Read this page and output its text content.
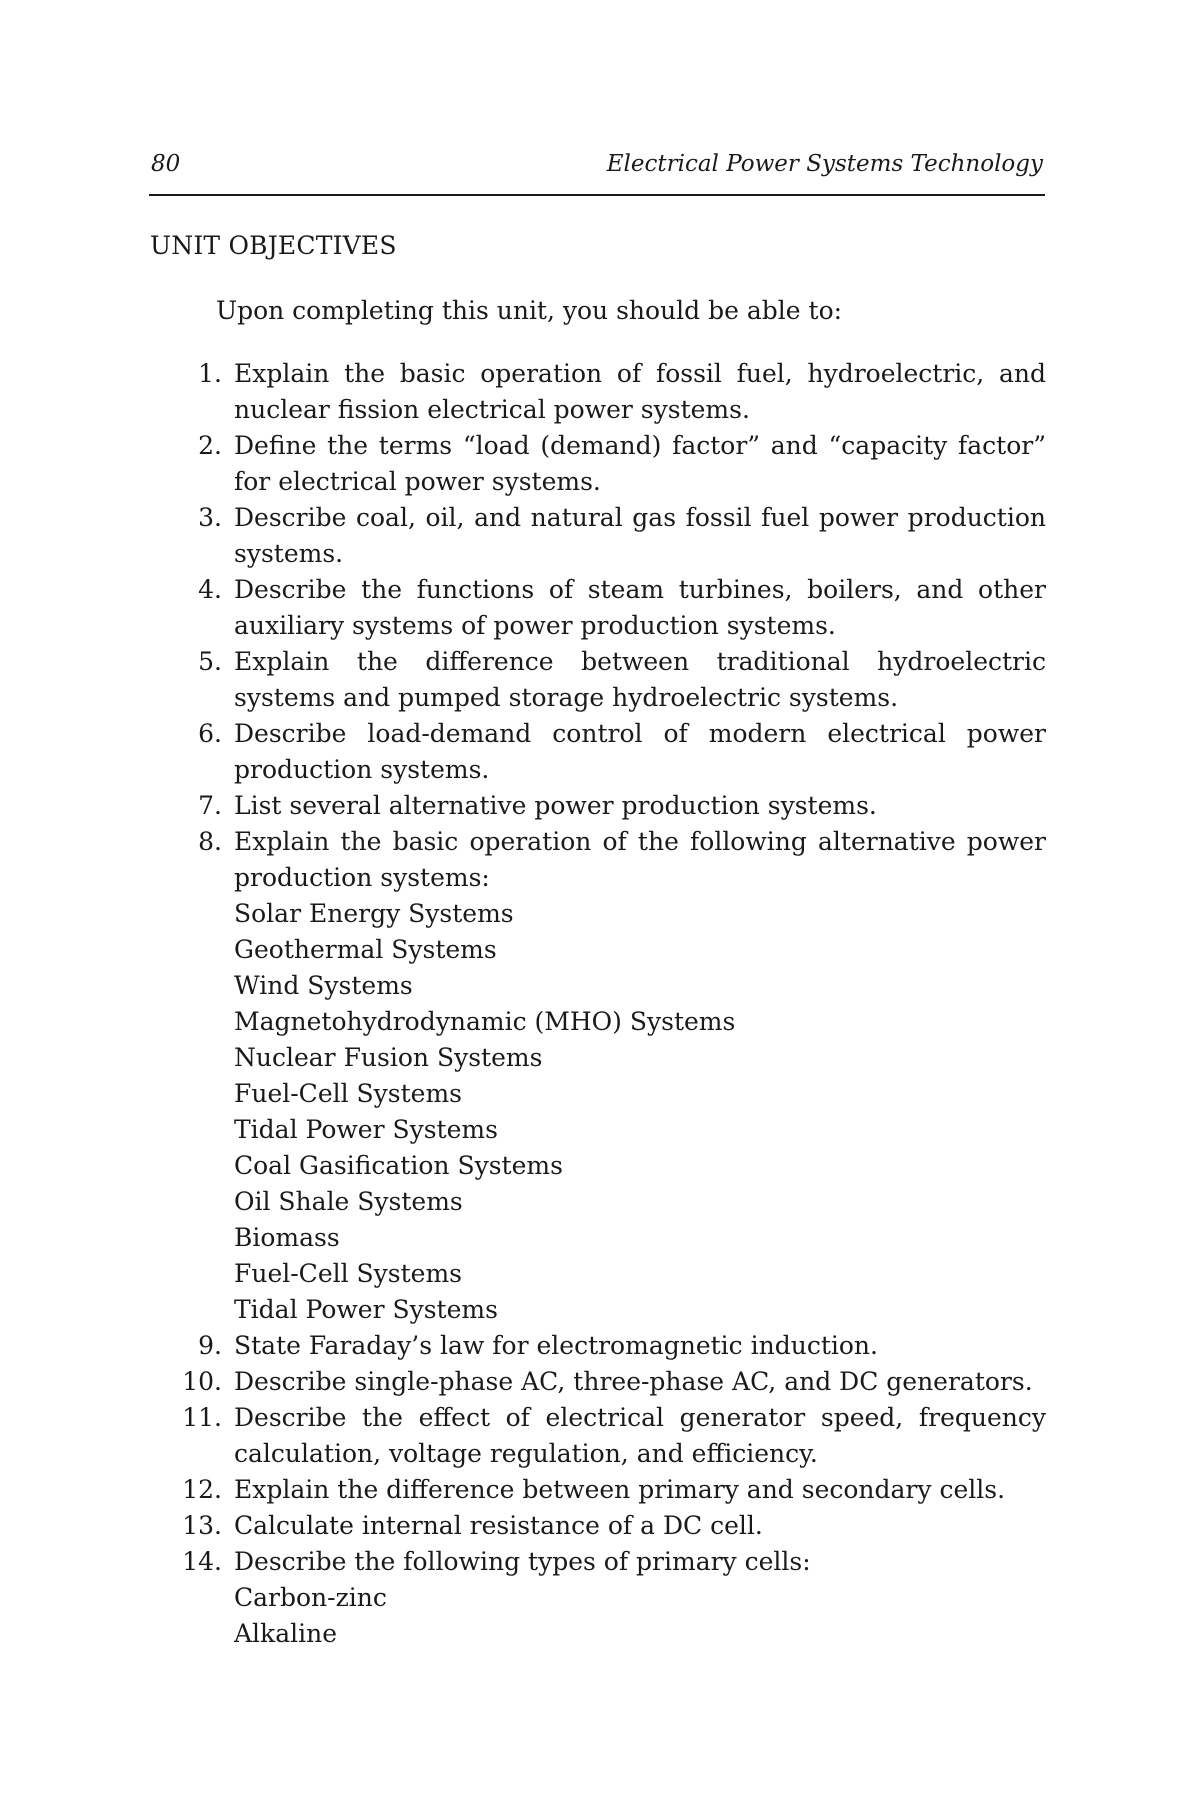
80	Electrical Power Systems Technology
UNIT OBJECTIVES
Upon completing this unit, you should be able to:
1. Explain the basic operation of fossil fuel, hydroelectric, and nuclear fission electrical power systems.
2. Define the terms “load (demand) factor” and “capacity factor” for electrical power systems.
3. Describe coal, oil, and natural gas fossil fuel power production systems.
4. Describe the functions of steam turbines, boilers, and other auxiliary systems of power production systems.
5. Explain the difference between traditional hydroelectric systems and pumped storage hydroelectric systems.
6. Describe load-demand control of modern electrical power production systems.
7. List several alternative power production systems.
8. Explain the basic operation of the following alternative power production systems:
Solar Energy Systems
Geothermal Systems
Wind Systems
Magnetohydrodynamic (MHO) Systems
Nuclear Fusion Systems
Fuel-Cell Systems
Tidal Power Systems
Coal Gasification Systems
Oil Shale Systems
Biomass
Fuel-Cell Systems
Tidal Power Systems
9. State Faraday’s law for electromagnetic induction.
10. Describe single-phase AC, three-phase AC, and DC generators.
11. Describe the effect of electrical generator speed, frequency calculation, voltage regulation, and efficiency.
12. Explain the difference between primary and secondary cells.
13. Calculate internal resistance of a DC cell.
14. Describe the following types of primary cells:
Carbon-zinc
Alkaline
